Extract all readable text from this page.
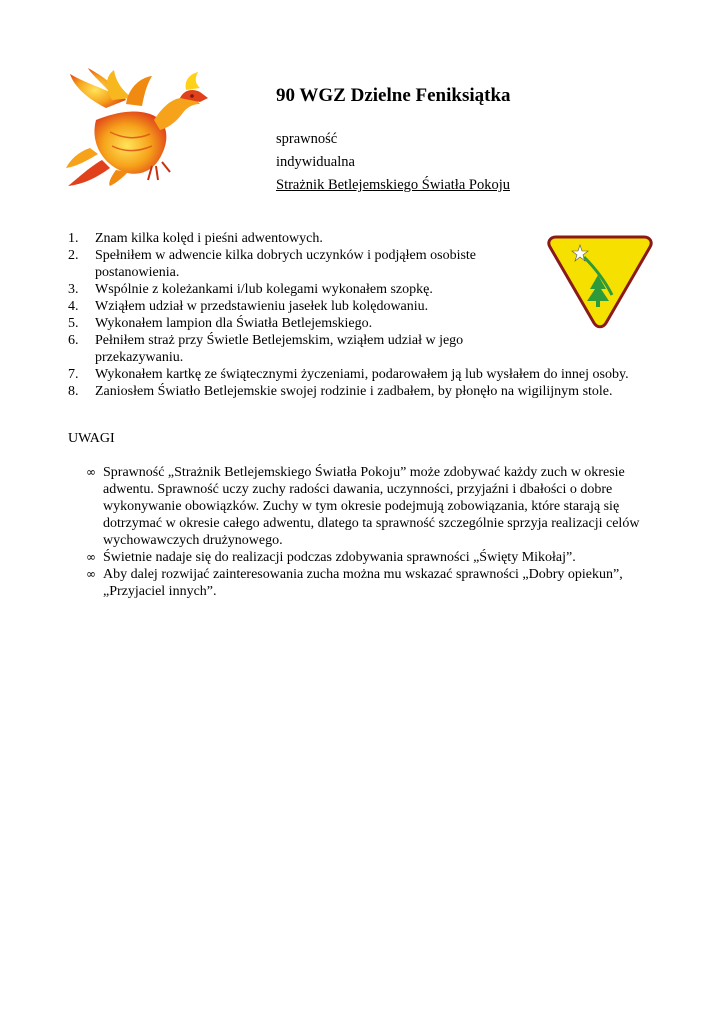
90 WGZ Dzielne Feniksiątka
sprawność
indywidualna
Strażnik Betlejemskiego Światła Pokoju
1. Znam kilka kolęd i pieśni adwentowych.
2. Spełniłem w adwencie kilka dobrych uczynków i podjąłem osobiste postanowienia.
3. Wspólnie z koleżankami i/lub kolegami wykonałem szopkę.
4. Wziąłem udział w przedstawieniu jasełek lub kolędowaniu.
5. Wykonałem lampion dla Światła Betlejemskiego.
6. Pełniłem straż przy Świetle Betlejemskim, wziąłem udział w jego przekazywaniu.
7. Wykonałem kartkę ze świątecznymi życzeniami, podarowałem ją lub wysłałem do innej osoby.
8. Zaniosłem Światło Betlejemskie swojej rodzinie i zadbałem, by płonęło na wigilijnym stole.
UWAGI
∞ Sprawność „Strażnik Betlejemskiego Światła Pokoju” może zdobywać każdy zuch w okresie adwentu. Sprawność uczy zuchy radości dawania, uczynności, przyjaźni i dbałości o dobre wykonywanie obowiązków. Zuchy w tym okresie podejmują zobowiązania, które starają się dotrzymać w okresie całego adwentu, dlatego ta sprawność szczególnie sprzyja realizacji celów wychowawczych drużynowego.
∞ Świetnie nadaje się do realizacji podczas zdobywania sprawności „Święty Mikołaj”.
∞ Aby dalej rozwijać zainteresowania zucha można mu wskazać sprawności „Dobry opiekun”, „Przyjaciel innych”.
